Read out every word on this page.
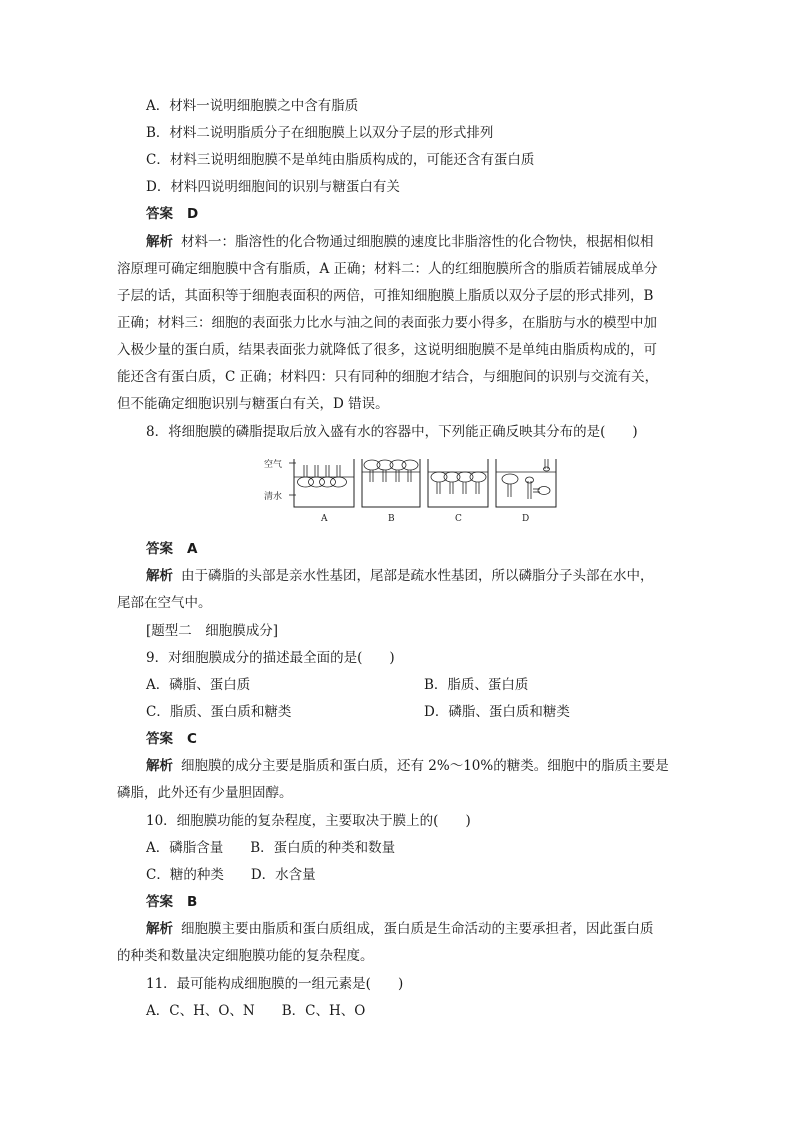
A．材料一说明细胞膜之中含有脂质
B．材料二说明脂质分子在细胞膜上以双分子层的形式排列
C．材料三说明细胞膜不是单纯由脂质构成的，可能还含有蛋白质
D．材料四说明细胞间的识别与糖蛋白有关
答案 D
解析 材料一：脂溶性的化合物通过细胞膜的速度比非脂溶性的化合物快，根据相似相
溶原理可确定细胞膜中含有脂质，A 正确；材料二：人的红细胞膜所含的脂质若铺展成单分
子层的话，其面积等于细胞表面积的两倍，可推知细胞膜上脂质以双分子层的形式排列，B
正确；材料三：细胞的表面张力比水与油之间的表面张力要小得多，在脂肪与水的模型中加
入极少量的蛋白质，结果表面张力就降低了很多，这说明细胞膜不是单纯由脂质构成的，可
能还含有蛋白质，C 正确；材料四：只有同种的细胞才结合，与细胞间的识别与交流有关，
但不能确定细胞识别与糖蛋白有关，D 错误。
8．将细胞膜的磷脂提取后放入盛有水的容器中，下列能正确反映其分布的是(　　)
空气
清水
A	B	C	D
答案 A
解析 由于磷脂的头部是亲水性基团，尾部是疏水性基团，所以磷脂分子头部在水中，
尾部在空气中。
[题型二　细胞膜成分]
9．对细胞膜成分的描述最全面的是(　　)
A．磷脂、蛋白质	B．脂质、蛋白质
C．脂质、蛋白质和糖类	D．磷脂、蛋白质和糖类
答案 C
解析 细胞膜的成分主要是脂质和蛋白质，还有 2%～10%的糖类。细胞中的脂质主要是
磷脂，此外还有少量胆固醇。
10．细胞膜功能的复杂程度，主要取决于膜上的(　　)
A．磷脂含量　　B．蛋白质的种类和数量
C．糖的种类　　D．水含量
答案 B
解析 细胞膜主要由脂质和蛋白质组成，蛋白质是生命活动的主要承担者，因此蛋白质
的种类和数量决定细胞膜功能的复杂程度。
11．最可能构成细胞膜的一组元素是(　　)
A．C、H、O、N　　B．C、H、O
